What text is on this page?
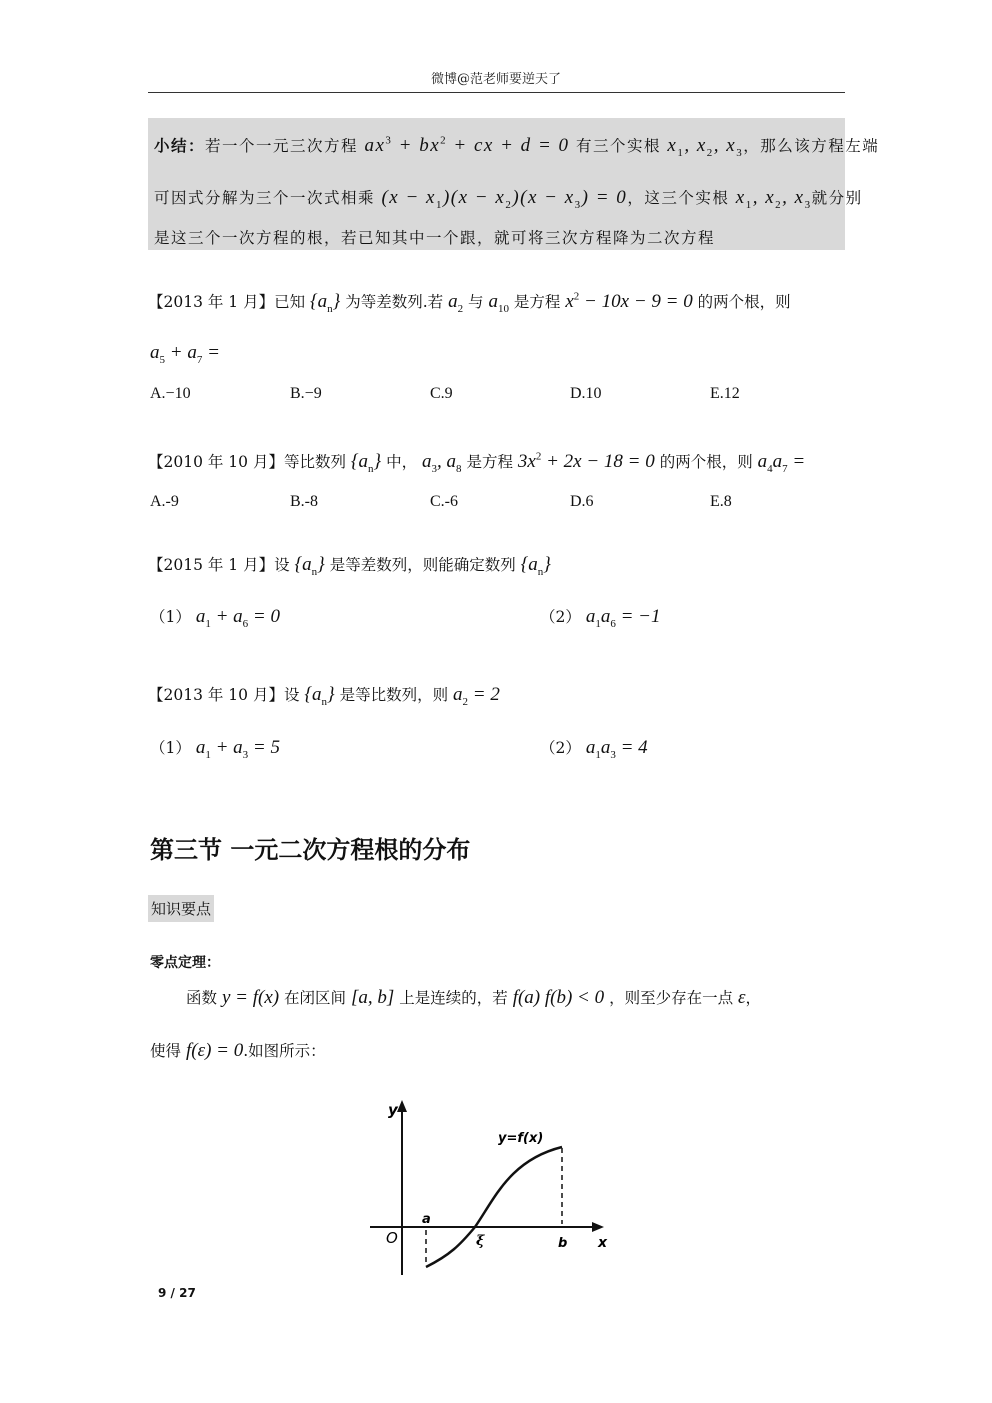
微博@范老师要逆天了
小结：若一个一元三次方程 $ax^3 + bx^2$ + cx + d = 0 有三个实根 $x_1$, $x_2$, $x_3$，那么该方程左端
可因式分解为三个一次式相乘 $(x - x_1)(x - x_2)(x - x_3) = 0$，这三个实根 $x_1$, $x_2$, $x_3$就分别
是这三个一次方程的根，若已知其中一个跟，就可将三次方程降为二次方程
【2013 年 1 月】已知 $\{a_n\}$ 为等差数列.若 $a_2$ 与 $a_{10}$ 是方程 $x^2 - 10x - 9 = 0$ 的两个根，则
$a_5 + a_7$ =
A.−10	B.−9	C.9	D.10	E.12
【2010 年 10 月】等比数列 $\{a_n\}$ 中， $a_3$, $a_8$ 是方程 $3x^2 + 2x - 18 = 0$ 的两个根，则 $a_4a_7$ =
A.-9	B.-8	C.-6	D.6	E.8
【2015 年 1 月】设 $\{a_n\}$ 是等差数列，则能确定数列 $\{a_n\}$
（1） $a_1 + a_6 = 0$	（2） $a_1a_6 = -1$
【2013 年 10 月】设 $\{a_n\}$ 是等比数列，则 $a_2 = 2$
（1） $a_1 + a_3 = 5$	（2） $a_1a_3 = 4$
第三节 一元二次方程根的分布
知识要点
零点定理：
函数 y = f(x) 在闭区间 [a, b] 上是连续的，若 f(a) f(b) < 0 ，则至少存在一点 ε，
使得 f(ε) = 0.如图所示：
y
x
y=f(x)
O
a
ξ	b
9 / 27
